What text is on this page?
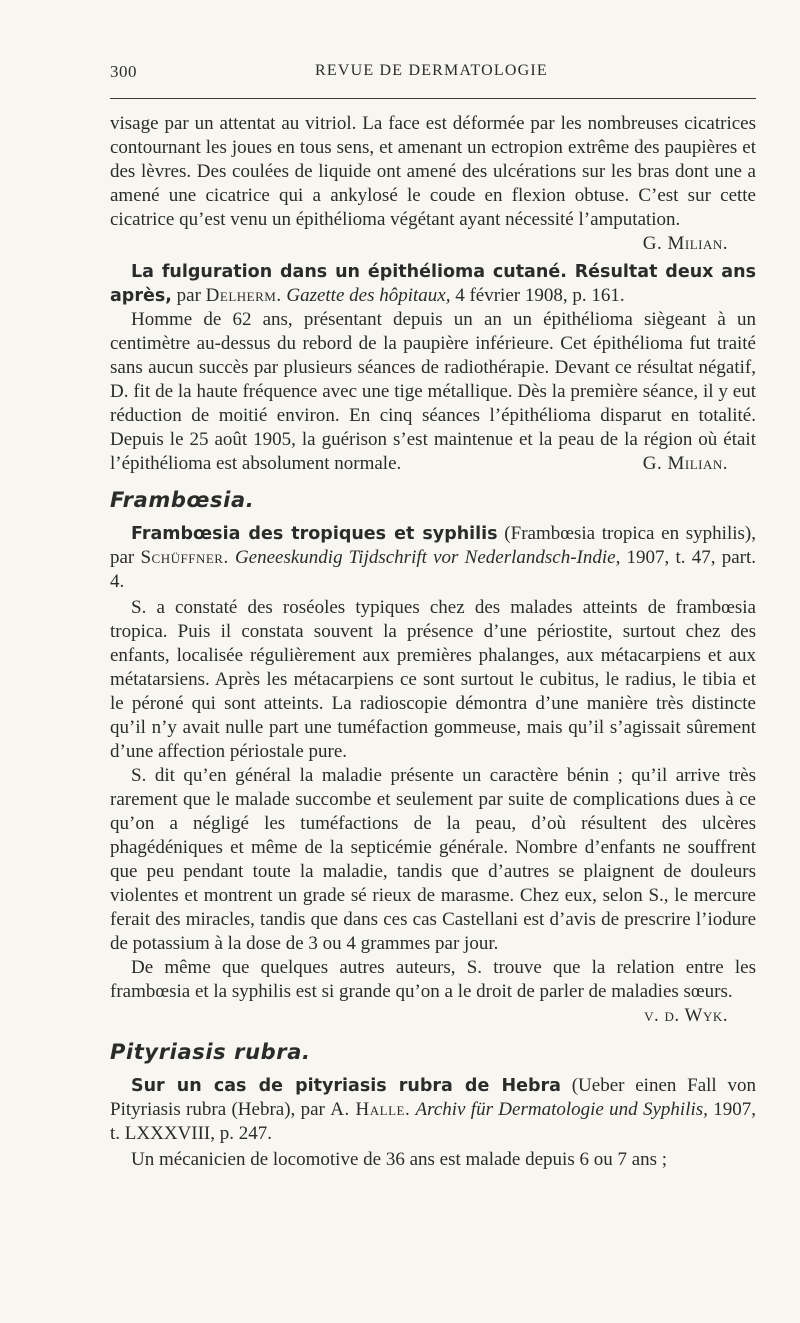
300	REVUE DE DERMATOLOGIE

visage par un attentat au vitriol. La face est déformée par les nombreuses cicatrices contournant les joues en tous sens, et amenant un ectropion extrême des paupières et des lèvres. Des coulées de liquide ont amené des ulcérations sur les bras dont une a amené une cicatrice qui a ankylosé le coude en flexion obtuse. C’est sur cette cicatrice qu’est venu un épithélioma végétant ayant nécessité l’amputation.
G. Milian.

La fulguration dans un épithélioma cutané. Résultat deux ans après, par Delherm. Gazette des hôpitaux, 4 février 1908, p. 161.

Homme de 62 ans, présentant depuis un an un épithélioma siègeant à un centimètre au-dessus du rebord de la paupière inférieure. Cet épithélioma fut traité sans aucun succès par plusieurs séances de radiothérapie. Devant ce résultat négatif, D. fit de la haute fréquence avec une tige métallique. Dès la première séance, il y eut réduction de moitié environ. En cinq séances l’épithélioma disparut en totalité. Depuis le 25 août 1905, la guérison s’est maintenue et la peau de la région où était l’épithélioma est absolument normale.	G. Milian.

Frambœsia.

Frambœsia des tropiques et syphilis (Frambœsia tropica en syphilis), par Schüffner. Geneeskundig Tijdschrift vor Nederlandsch-Indie, 1907, t. 47, part. 4.

S. a constaté des roséoles typiques chez des malades atteints de frambœsia tropica. Puis il constata souvent la présence d’une périostite, surtout chez des enfants, localisée régulièrement aux premières phalanges, aux métacarpiens et aux métatarsiens. Après les métacarpiens ce sont surtout le cubitus, le radius, le tibia et le péroné qui sont atteints. La radioscopie démontra d’une manière très distincte qu’il n’y avait nulle part une tuméfaction gommeuse, mais qu’il s’agissait sûrement d’une affection périostale pure.

S. dit qu’en général la maladie présente un caractère bénin ; qu’il arrive très rarement que le malade succombe et seulement par suite de complications dues à ce qu’on a négligé les tuméfactions de la peau, d’où résultent des ulcères phagédéniques et même de la septicémie générale. Nombre d’enfants ne souffrent que peu pendant toute la maladie, tandis que d’autres se plaignent de douleurs violentes et montrent un grade sé rieux de marasme. Chez eux, selon S., le mercure ferait des miracles, tandis que dans ces cas Castellani est d’avis de prescrire l’iodure de potassium à la dose de 3 ou 4 grammes par jour.

De même que quelques autres auteurs, S. trouve que la relation entre les frambœsia et la syphilis est si grande qu’on a le droit de parler de maladies sœurs.
v. d. Wyk.

Pityriasis rubra.

Sur un cas de pityriasis rubra de Hebra (Ueber einen Fall von Pityriasis rubra (Hebra), par A. Halle. Archiv für Dermatologie und Syphilis, 1907, t. LXXXVIII, p. 247.

Un mécanicien de locomotive de 36 ans est malade depuis 6 ou 7 ans ;
